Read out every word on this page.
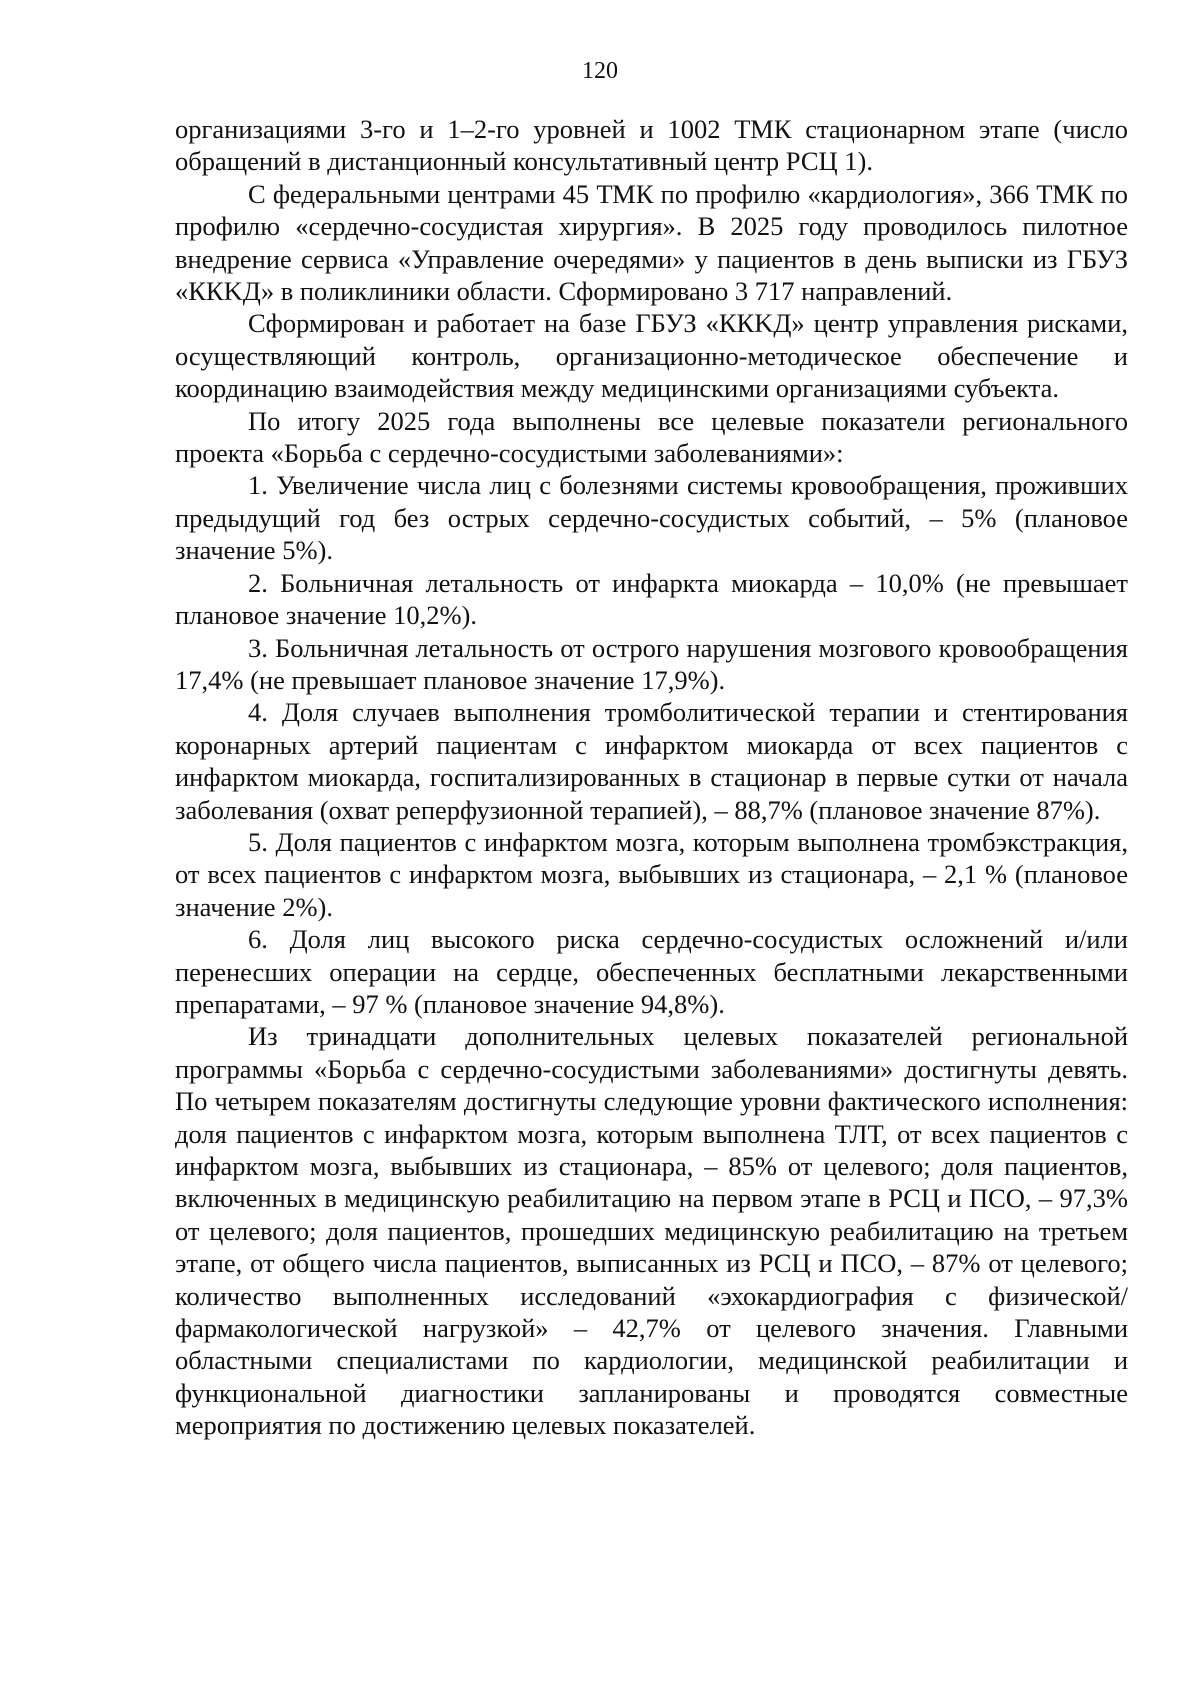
120

организациями 3-го и 1–2-го уровней и 1002 ТМК стационарном этапе (число обращений в дистанционный консультативный центр РСЦ 1).

С федеральными центрами 45 ТМК по профилю «кардиология», 366 ТМК по профилю «сердечно-сосудистая хирургия». В 2025 году проводилось пилотное внедрение сервиса «Управление очередями» у пациентов в день выписки из ГБУЗ «ККΚД» в поликлиники области. Сформировано 3 717 направлений.

Сформирован и работает на базе ГБУЗ «ККΚД» центр управления рисками, осуществляющий контроль, организационно-методическое обеспечение и координацию взаимодействия между медицинскими организациями субъекта.

По итогу 2025 года выполнены все целевые показатели регионального проекта «Борьба с сердечно-сосудистыми заболеваниями»:

1. Увеличение числа лиц с болезнями системы кровообращения, проживших предыдущий год без острых сердечно-сосудистых событий, – 5% (плановое значение 5%).

2. Больничная летальность от инфаркта миокарда – 10,0% (не превышает плановое значение 10,2%).

3. Больничная летальность от острого нарушения мозгового кровообращения 17,4% (не превышает плановое значение 17,9%).

4. Доля случаев выполнения тромболитической терапии и стентирования коронарных артерий пациентам с инфарктом миокарда от всех пациентов с инфарктом миокарда, госпитализированных в стационар в первые сутки от начала заболевания (охват реперфузионной терапией), – 88,7% (плановое значение 87%).

5. Доля пациентов с инфарктом мозга, которым выполнена тромбэкстракция, от всех пациентов с инфарктом мозга, выбывших из стационара, – 2,1 % (плановое значение 2%).

6. Доля лиц высокого риска сердечно-сосудистых осложнений и/или перенесших операции на сердце, обеспеченных бесплатными лекарственными препаратами, – 97 % (плановое значение 94,8%).

Из тринадцати дополнительных целевых показателей региональной программы «Борьба с сердечно-сосудистыми заболеваниями» достигнуты девять. По четырем показателям достигнуты следующие уровни фактического исполнения: доля пациентов с инфарктом мозга, которым выполнена ТЛТ, от всех пациентов с инфарктом мозга, выбывших из стационара, – 85% от целевого; доля пациентов, включенных в медицинскую реабилитацию на первом этапе в РСЦ и ПСО, – 97,3% от целевого; доля пациентов, прошедших медицинскую реабилитацию на третьем этапе, от общего числа пациентов, выписанных из РСЦ и ПСО, – 87% от целевого; количество выполненных исследований «эхокардиография с физической/ фармакологической нагрузкой» – 42,7% от целевого значения. Главными областными специалистами по кардиологии, медицинской реабилитации и функциональной диагностики запланированы и проводятся совместные мероприятия по достижению целевых показателей.
